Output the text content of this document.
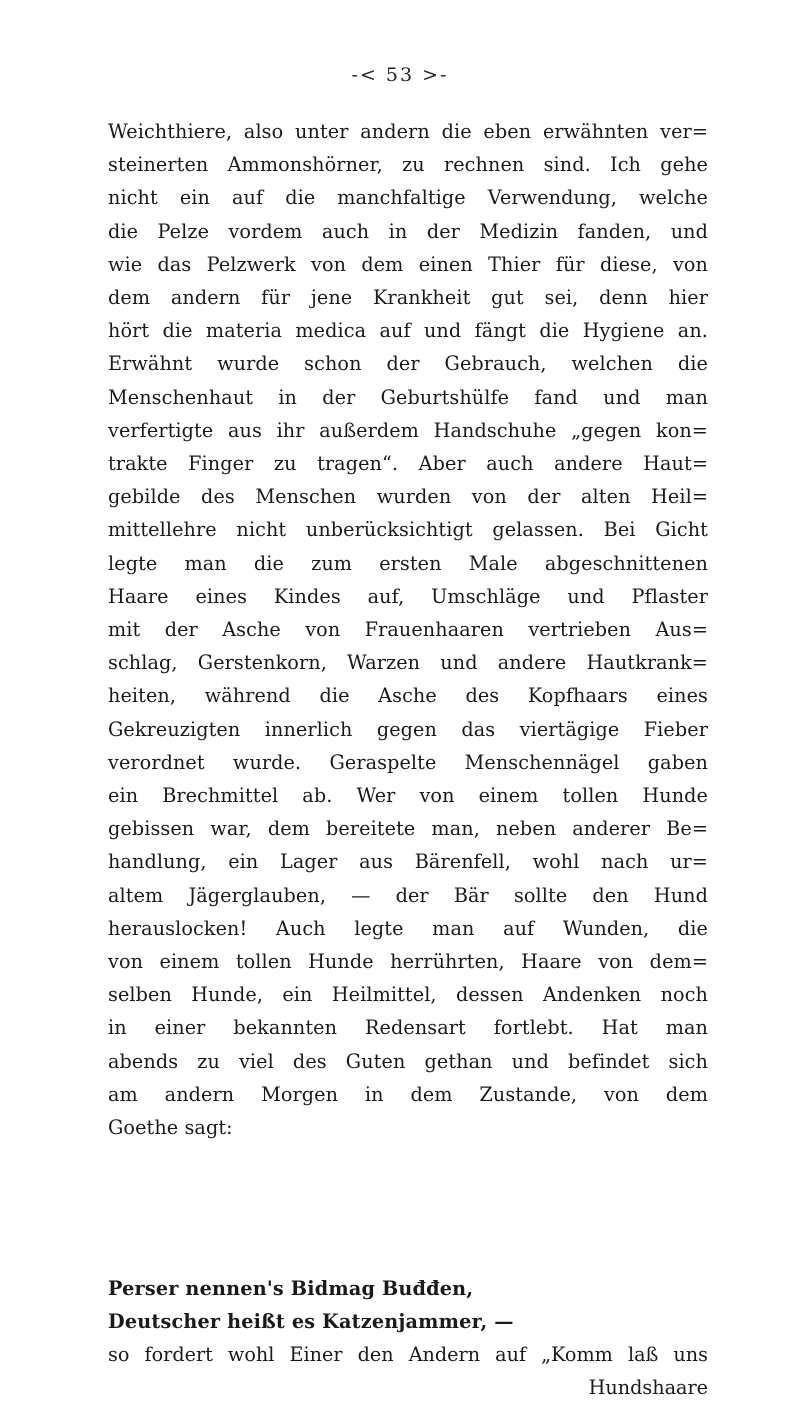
-< 53 >-
Weichthiere, also unter andern die eben erwähnten ver=
steinerten Ammonshörner, zu rechnen sind. Ich gehe
nicht ein auf die manchfaltige Verwendung, welche
die Pelze vordem auch in der Medizin fanden, und
wie das Pelzwerk von dem einen Thier für diese, von
dem andern für jene Krankheit gut sei, denn hier
hört die materia medica auf und fängt die Hygiene an.
Erwähnt wurde schon der Gebrauch, welchen die
Menschenhaut in der Geburtshülfe fand und man
verfertigte aus ihr außerdem Handschuhe „gegen kon=
trakte Finger zu tragen“. Aber auch andere Haut=
gebilde des Menschen wurden von der alten Heil=
mittellehre nicht unberücksichtigt gelassen. Bei Gicht
legte man die zum ersten Male abgeschnittenen
Haare eines Kindes auf, Umschläge und Pflaster
mit der Asche von Frauenhaaren vertrieben Aus=
schlag, Gerstenkorn, Warzen und andere Hautkrank=
heiten, während die Asche des Kopfhaars eines
Gekreuzigten innerlich gegen das viertägige Fieber
verordnet wurde. Geraspelte Menschennägel gaben
ein Brechmittel ab. Wer von einem tollen Hunde
gebissen war, dem bereitete man, neben anderer Be=
handlung, ein Lager aus Bärenfell, wohl nach ur=
altem Jägerglauben, — der Bär sollte den Hund
herauslocken! Auch legte man auf Wunden, die
von einem tollen Hunde herrührten, Haare von dem=
selben Hunde, ein Heilmittel, dessen Andenken noch
in einer bekannten Redensart fortlebt. Hat man
abends zu viel des Guten gethan und befindet sich
am andern Morgen in dem Zustande, von dem
Goethe sagt:
Perser nennen's Bidmag Buđđen,
Deutscher heißt es Katzenjammer, —
so fordert wohl Einer den Andern auf „Komm laß uns
Hundshaare
